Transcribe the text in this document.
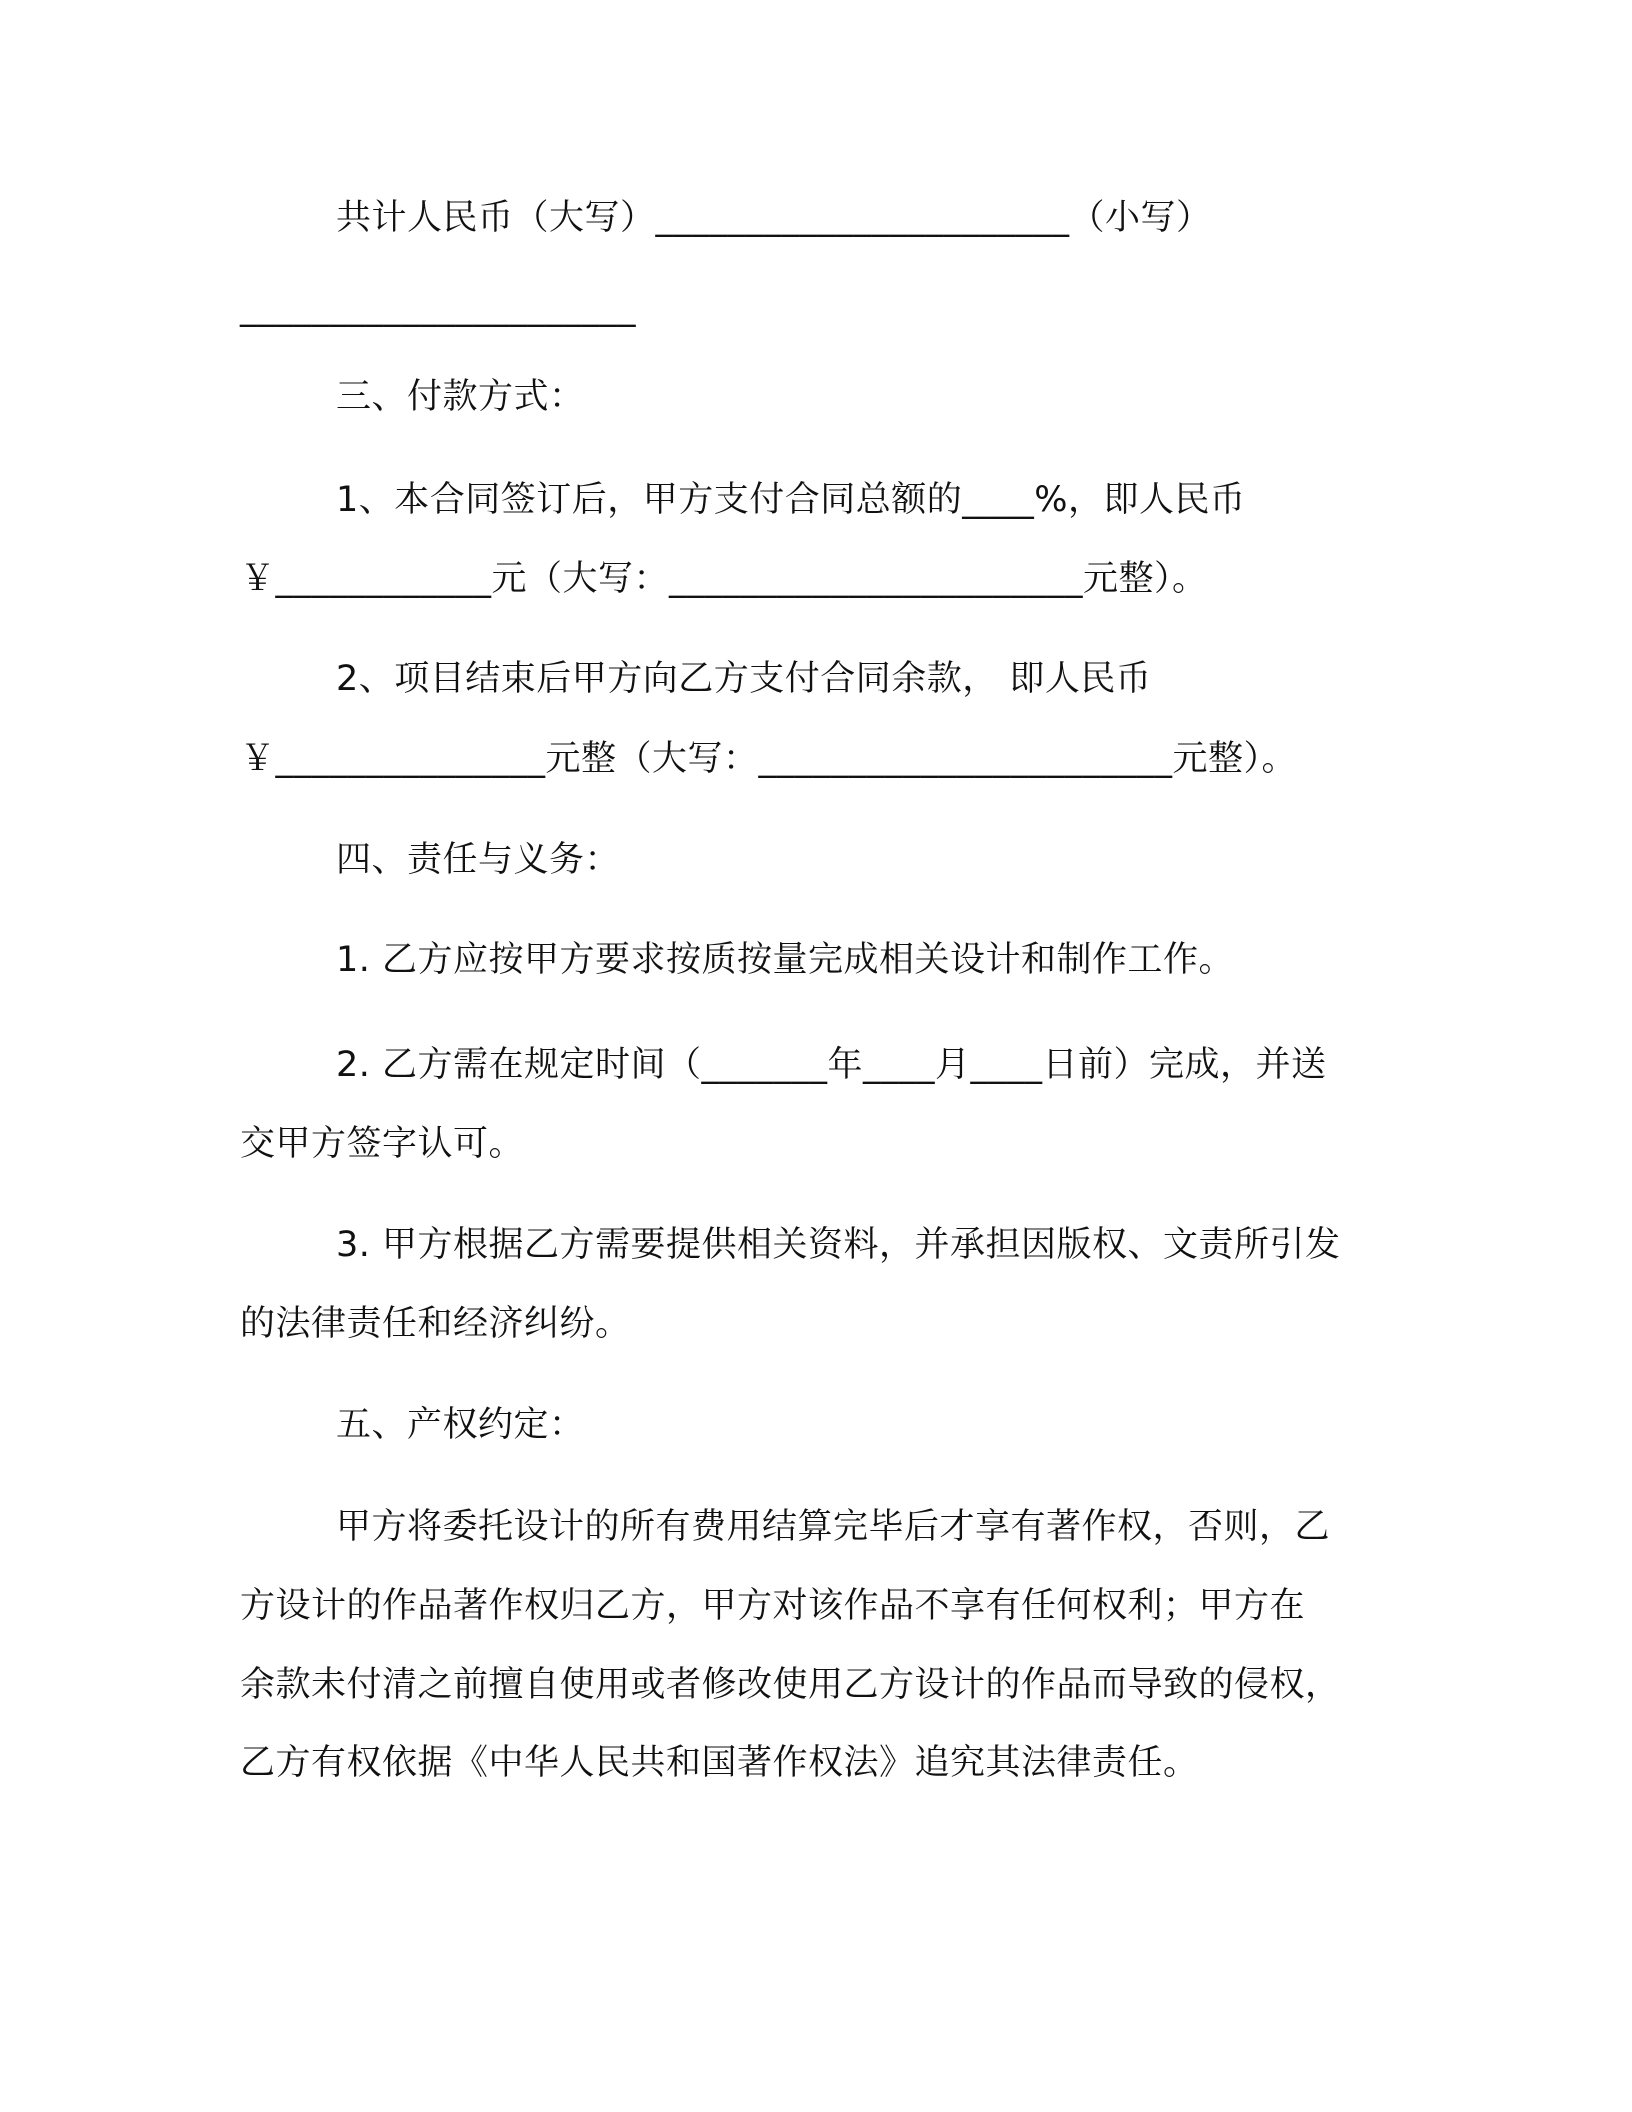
共计人民币（大写）_______________________（小写）
______________________
三、付款方式：
1、本合同签订后，甲方支付合同总额的____%，即人民币
￥____________元（大写：_______________________元整）。
2、项目结束后甲方向乙方支付合同余款， 即人民币
￥_______________元整（大写：_______________________元整）。
四、责任与义务：
1. 乙方应按甲方要求按质按量完成相关设计和制作工作。
2. 乙方需在规定时间（_______年____月____日前）完成，并送
交甲方签字认可。
3. 甲方根据乙方需要提供相关资料，并承担因版权、文责所引发
的法律责任和经济纠纷。
五、产权约定：
甲方将委托设计的所有费用结算完毕后才享有著作权，否则，乙
方设计的作品著作权归乙方，甲方对该作品不享有任何权利；甲方在
余款未付清之前擅自使用或者修改使用乙方设计的作品而导致的侵权，
乙方有权依据《中华人民共和国著作权法》追究其法律责任。
